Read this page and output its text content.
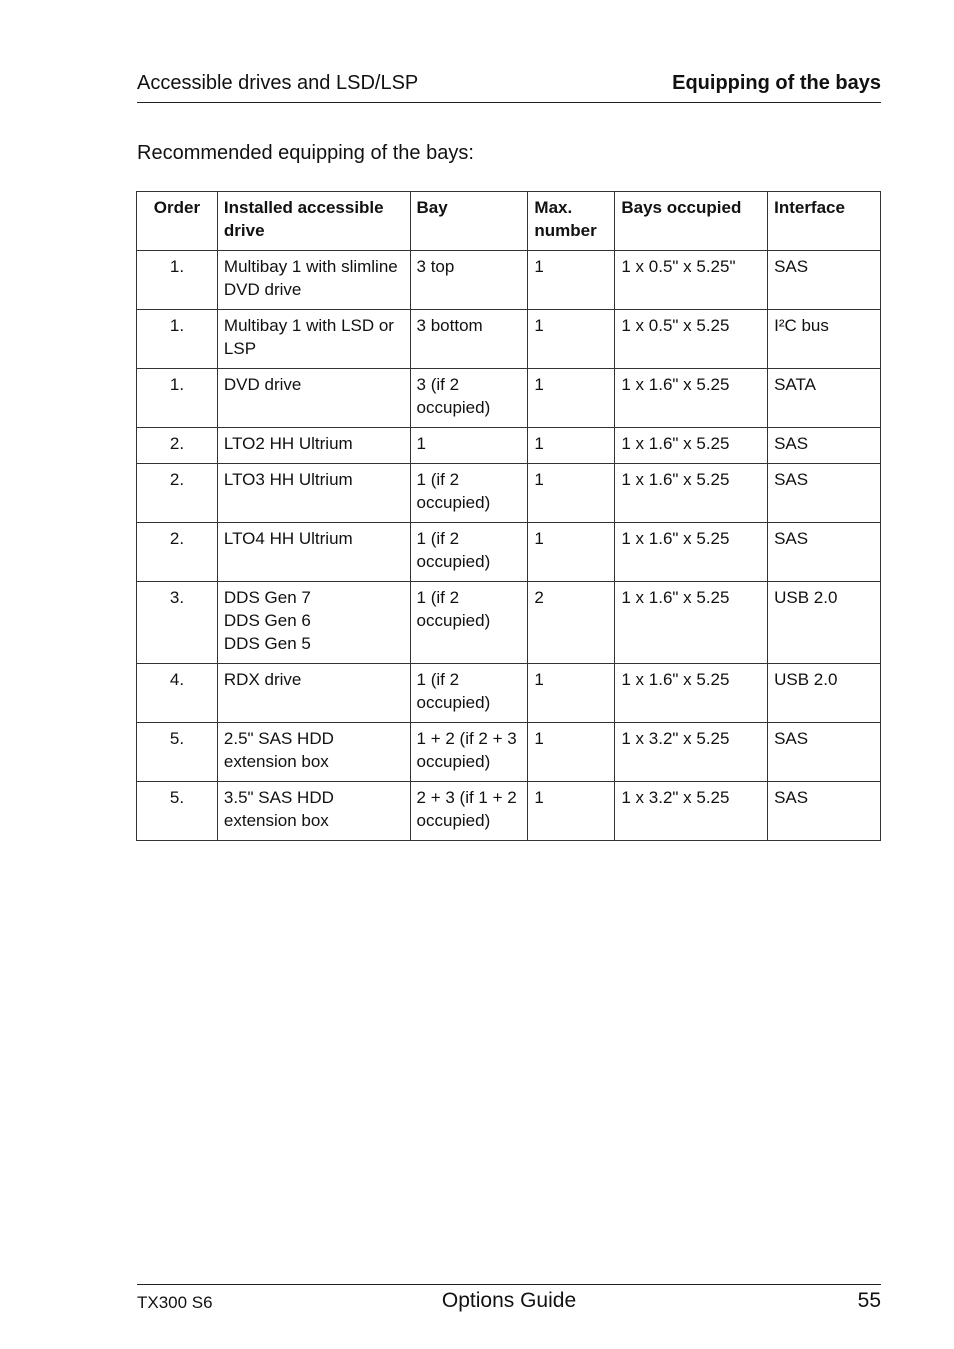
Accessible drives and LSD/LSP	Equipping of the bays
Recommended equipping of the bays:
Order	Installed accessible drive	Bay	Max. number	Bays occupied	Interface
1.	Multibay 1 with slimline DVD drive	3 top	1	1 x 0.5" x 5.25"	SAS
1.	Multibay 1 with LSD or LSP	3 bottom	1	1 x 0.5" x 5.25	I²C bus
1.	DVD drive	3 (if 2 occupied)	1	1 x 1.6" x 5.25	SATA
2.	LTO2 HH Ultrium	1	1	1 x 1.6" x 5.25	SAS
2.	LTO3 HH Ultrium	1 (if 2 occupied)	1	1 x 1.6" x 5.25	SAS
2.	LTO4 HH Ultrium	1 (if 2 occupied)	1	1 x 1.6" x 5.25	SAS
3.	DDS Gen 7
DDS Gen 6
DDS Gen 5	1 (if 2 occupied)	2	1 x 1.6" x 5.25	USB 2.0
4.	RDX drive	1 (if 2 occupied)	1	1 x 1.6" x 5.25	USB 2.0
5.	2.5" SAS HDD extension box	1 + 2 (if 2 + 3 occupied)	1	1 x 3.2" x 5.25	SAS
5.	3.5" SAS HDD extension box	2 + 3 (if 1 + 2 occupied)	1	1 x 3.2" x 5.25	SAS
TX300 S6	Options Guide	55
